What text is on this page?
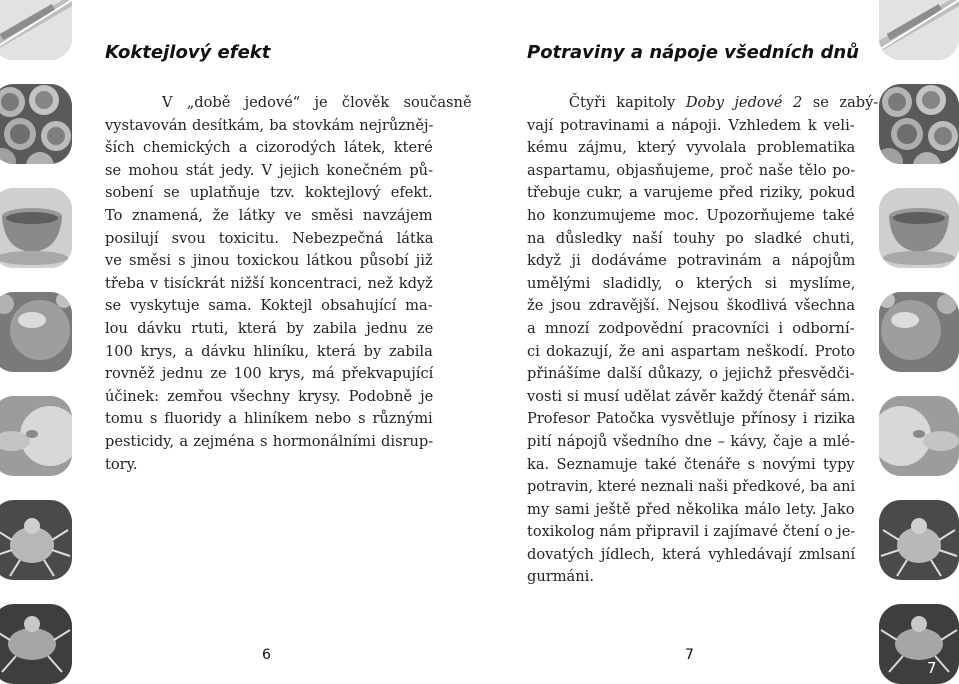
Koktejlový efekt
V „době jedové“ je člověk současně
vystavován desítkám, ba stovkám nejrůzněj-
ších chemických a cizorodých látek, které
se mohou stát jedy. V jejich konečném pů-
sobení se uplatňuje tzv. koktejlový efekt.
To znamená, že látky ve směsi navzájem
posilují svou toxicitu. Nebezpečná látka
ve směsi s jinou toxickou látkou působí již
třeba v tisíckrát nižší koncentraci, než když
se vyskytuje sama. Koktejl obsahující ma-
lou dávku rtuti, která by zabila jednu ze
100 krys, a dávku hliníku, která by zabila
rovněž jednu ze 100 krys, má překvapující
účinek: zemřou všechny krysy. Podobně je
tomu s fluoridy a hliníkem nebo s různými
pesticidy, a zejména s hormonálními disrup-
tory.

6

Potraviny a nápoje všedních dnů
Čtyři kapitoly Doby jedové 2 se zabý-
vají potravinami a nápoji. Vzhledem k veli-
kému zájmu, který vyvolala problematika
aspartamu, objasňujeme, proč naše tělo po-
třebuje cukr, a varujeme před riziky, pokud
ho konzumujeme moc. Upozorňujeme také
na důsledky naší touhy po sladké chuti,
když ji dodáváme potravinám a nápojům
umělými sladidly, o kterých si myslíme,
že jsou zdravější. Nejsou škodlivá všechna
a mnozí zodpovědní pracovníci i odborní-
ci dokazují, že ani aspartam neškodí. Proto
přinášíme další důkazy, o jejichž přesvědči-
vosti si musí udělat závěr každý čtenář sám.
Profesor Patočka vysvětluje přínosy i rizika
pití nápojů všedního dne – kávy, čaje a mlé-
ka. Seznamuje také čtenáře s novými typy
potravin, které neznali naši předkové, ba ani
my sami ještě před několika málo lety. Jako
toxikolog nám připravil i zajímavé čtení o je-
dovatých jídlech, která vyhledávají zmlsaní
gurmáni.

7

7
